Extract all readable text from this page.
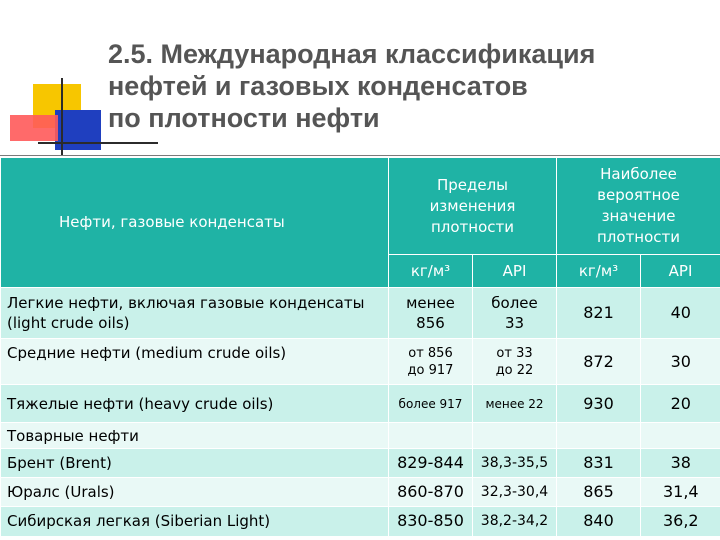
2.5. Международная классификация
нефтей и газовых конденсатов
по плотности нефти
Нефти, газовые конденсаты	Пределы изменения плотности		Наиболее вероятное значение плотности	
	кг/м³	API	кг/м³	API
Легкие нефти, включая газовые конденсаты (light crude oils)	менее 856	более 33	821	40
Средние нефти (medium crude oils)	от 856 до 917	от 33 до 22	872	30
Тяжелые нефти (heavy crude oils)	более 917	менее 22	930	20
Товарные нефти				
Брент (Brent)	829-844	38,3-35,5	831	38
Юралс (Urals)	860-870	32,3-30,4	865	31,4
Сибирская легкая (Siberian Light)	830-850	38,2-34,2	840	36,2
